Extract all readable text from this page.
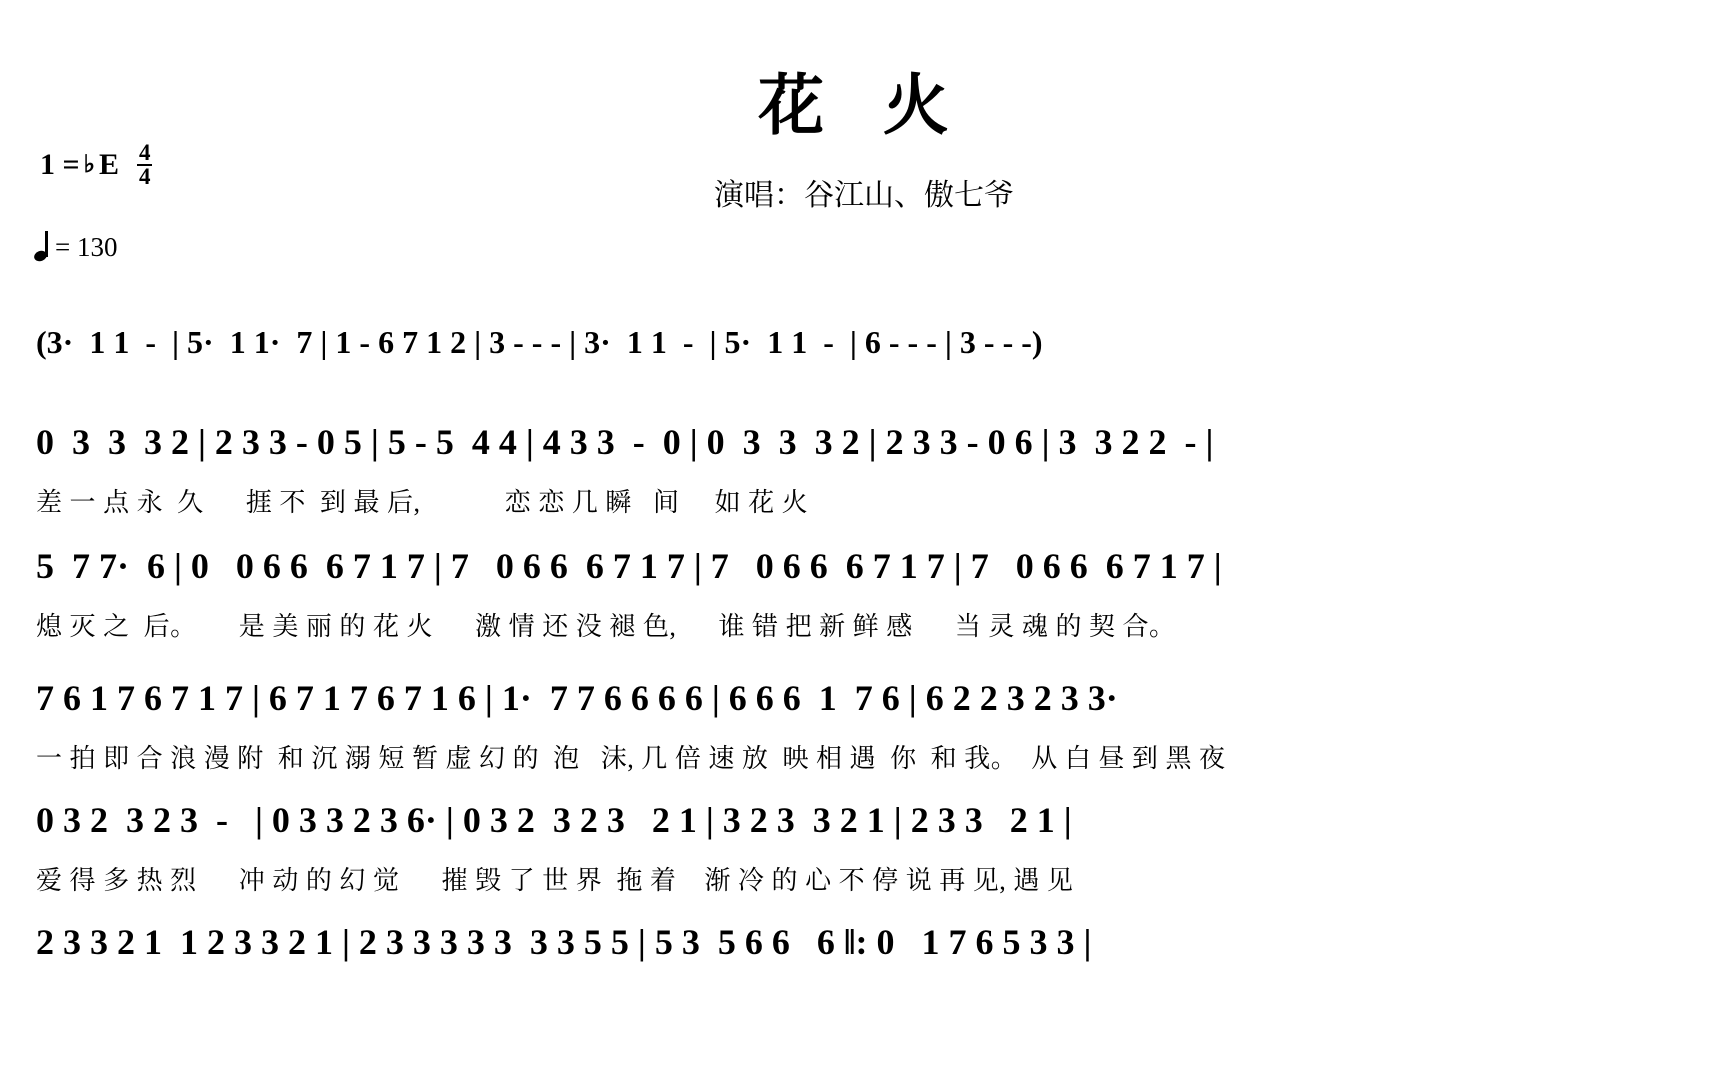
花 火
演唱：谷江山、傲七爷
1 = ♭ E $\frac{4}{4}$
= 130
(3·  1 1  -  | 5·  1 1·  7 | 1 - 6 7 1 2 | 3 - - - | 3·  1 1  -  | 5·  1 1  -  | 6 - - - | 3 - - -)
0  3  3  3 2 | 2 3 3 - 0 5 | 5 - 5  4 4 | 4 3 3  -  0 | 0  3  3  3 2 | 2 3 3 - 0 6 | 3  3 2 2  - |
差 一 点 永  久      捱 不  到 最 后,            恋 恋 几 瞬   间     如 花 火
5  7 7·  6 | 0   0 6 6  6 7 1 7 | 7   0 6 6  6 7 1 7 | 7   0 6 6  6 7 1 7 | 7   0 6 6  6 7 1 7 |
熄 灭 之  后。      是 美 丽 的 花 火      激 情 还 没 褪 色,      谁 错 把 新 鲜 感      当 灵 魂 的 契 合。
7 6 1 7 6 7 1 7 | 6 7 1 7 6 7 1 6 | 1·  7 7 6 6 6 6 | 6 6 6  1  7 6 | 6 2 2 3 2 3 3·
一 拍 即 合 浪 漫 附  和 沉 溺 短 暂 虚 幻 的  泡   沫, 几 倍 速 放  映 相 遇  你  和 我。  从 白 昼 到 黑 夜
0 3 2  3 2 3  -   | 0 3 3 2 3 6· | 0 3 2  3 2 3   2 1 | 3 2 3  3 2 1 | 2 3 3   2 1 |
爱 得 多 热 烈      冲 动 的 幻 觉      摧 毁 了 世 界  拖 着    渐 冷 的 心 不 停 说 再 见, 遇 见
2 3 3 2 1  1 2 3 3 2 1 | 2 3 3 3 3 3  3 3 5 5 | 5 3  5 6 6   6 ‖: 0   1 7 6 5 3 3 |
